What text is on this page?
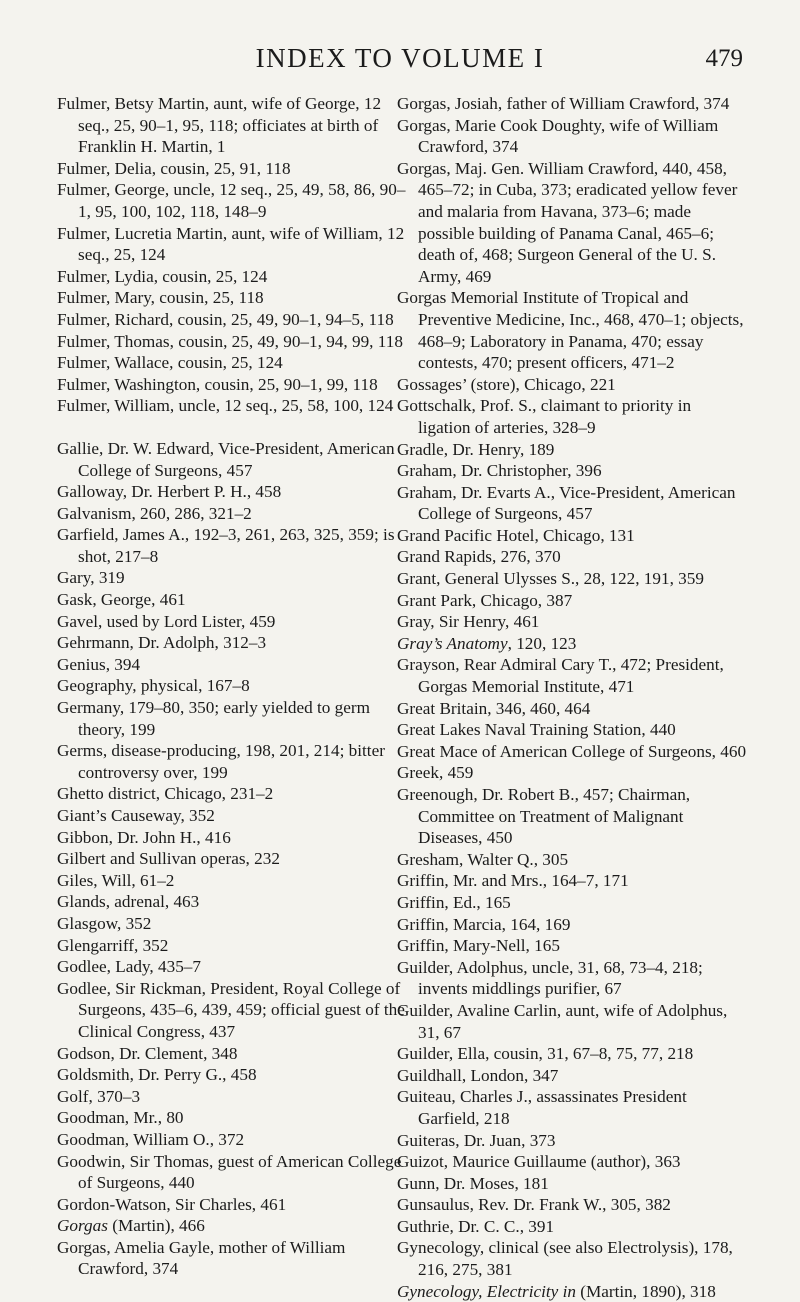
INDEX TO VOLUME I	479

Fulmer, Betsy Martin, aunt, wife of George, 12 seq., 25, 90–1, 95, 118; officiates at birth of Franklin H. Martin, 1

Fulmer, Delia, cousin, 25, 91, 118

Fulmer, George, uncle, 12 seq., 25, 49, 58, 86, 90–1, 95, 100, 102, 118, 148–9

Fulmer, Lucretia Martin, aunt, wife of William, 12 seq., 25, 124

Fulmer, Lydia, cousin, 25, 124

Fulmer, Mary, cousin, 25, 118

Fulmer, Richard, cousin, 25, 49, 90–1, 94–5, 118

Fulmer, Thomas, cousin, 25, 49, 90–1, 94, 99, 118

Fulmer, Wallace, cousin, 25, 124

Fulmer, Washington, cousin, 25, 90–1, 99, 118

Fulmer, William, uncle, 12 seq., 25, 58, 100, 124

Gallie, Dr. W. Edward, Vice-President, American College of Surgeons, 457

Galloway, Dr. Herbert P. H., 458

Galvanism, 260, 286, 321–2

Garfield, James A., 192–3, 261, 263, 325, 359; is shot, 217–8

Gary, 319

Gask, George, 461

Gavel, used by Lord Lister, 459

Gehrmann, Dr. Adolph, 312–3

Genius, 394

Geography, physical, 167–8

Germany, 179–80, 350; early yielded to germ theory, 199

Germs, disease-producing, 198, 201, 214; bitter controversy over, 199

Ghetto district, Chicago, 231–2

Giant’s Causeway, 352

Gibbon, Dr. John H., 416

Gilbert and Sullivan operas, 232

Giles, Will, 61–2

Glands, adrenal, 463

Glasgow, 352

Glengarriff, 352

Godlee, Lady, 435–7

Godlee, Sir Rickman, President, Royal College of Surgeons, 435–6, 439, 459; official guest of the Clinical Congress, 437

Godson, Dr. Clement, 348

Goldsmith, Dr. Perry G., 458

Golf, 370–3

Goodman, Mr., 80

Goodman, William O., 372

Goodwin, Sir Thomas, guest of American College of Surgeons, 440

Gordon-Watson, Sir Charles, 461

Gorgas (Martin), 466

Gorgas, Amelia Gayle, mother of William Crawford, 374

Gorgas, Josiah, father of William Crawford, 374

Gorgas, Marie Cook Doughty, wife of William Crawford, 374

Gorgas, Maj. Gen. William Crawford, 440, 458, 465–72; in Cuba, 373; eradicated yellow fever and malaria from Havana, 373–6; made possible building of Panama Canal, 465–6; death of, 468; Surgeon General of the U. S. Army, 469

Gorgas Memorial Institute of Tropical and Preventive Medicine, Inc., 468, 470–1; objects, 468–9; Laboratory in Panama, 470; essay contests, 470; present officers, 471–2

Gossages’ (store), Chicago, 221

Gottschalk, Prof. S., claimant to priority in ligation of arteries, 328–9

Gradle, Dr. Henry, 189

Graham, Dr. Christopher, 396

Graham, Dr. Evarts A., Vice-President, American College of Surgeons, 457

Grand Pacific Hotel, Chicago, 131

Grand Rapids, 276, 370

Grant, General Ulysses S., 28, 122, 191, 359

Grant Park, Chicago, 387

Gray, Sir Henry, 461

Gray’s Anatomy, 120, 123

Grayson, Rear Admiral Cary T., 472; President, Gorgas Memorial Institute, 471

Great Britain, 346, 460, 464

Great Lakes Naval Training Station, 440

Great Mace of American College of Surgeons, 460

Greek, 459

Greenough, Dr. Robert B., 457; Chairman, Committee on Treatment of Malignant Diseases, 450

Gresham, Walter Q., 305

Griffin, Mr. and Mrs., 164–7, 171

Griffin, Ed., 165

Griffin, Marcia, 164, 169

Griffin, Mary-Nell, 165

Guilder, Adolphus, uncle, 31, 68, 73–4, 218; invents middlings purifier, 67

Guilder, Avaline Carlin, aunt, wife of Adolphus, 31, 67

Guilder, Ella, cousin, 31, 67–8, 75, 77, 218

Guildhall, London, 347

Guiteau, Charles J., assassinates President Garfield, 218

Guiteras, Dr. Juan, 373

Guizot, Maurice Guillaume (author), 363

Gunn, Dr. Moses, 181

Gunsaulus, Rev. Dr. Frank W., 305, 382

Guthrie, Dr. C. C., 391

Gynecology, clinical (see also Electrolysis), 178, 216, 275, 381

Gynecology, Electricity in (Martin, 1890), 318
